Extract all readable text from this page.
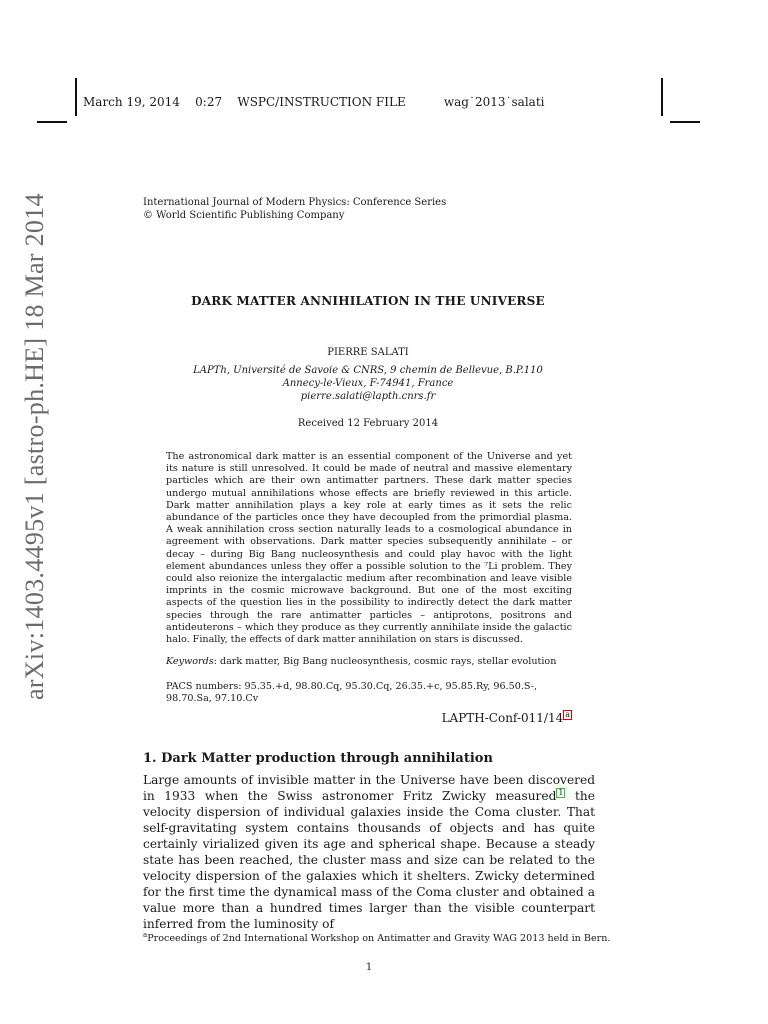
March 19, 2014 0:27 WSPC/INSTRUCTION FILE	wag˙2013˙salati
International Journal of Modern Physics: Conference Series
© World Scientific Publishing Company
arXiv:1403.4495v1 [astro-ph.HE] 18 Mar 2014	DARK MATTER ANNIHILATION IN THE UNIVERSE
PIERRE SALATI
LAPTh, Université de Savoie & CNRS, 9 chemin de Bellevue, B.P.110
Annecy-le-Vieux, F-74941, France
pierre.salati@lapth.cnrs.fr
Received 12 February 2014
The astronomical dark matter is an essential component of the Universe and yet its nature is still unresolved. It could be made of neutral and massive elementary particles which are their own antimatter partners. These dark matter species undergo mutual annihilations whose effects are briefly reviewed in this article. Dark matter annihilation plays a key role at early times as it sets the relic abundance of the particles once they have decoupled from the primordial plasma. A weak annihilation cross section naturally leads to a cosmological abundance in agreement with observations. Dark matter species subsequently annihilate – or decay – during Big Bang nucleosynthesis and could play havoc with the light element abundances unless they offer a possible solution to the ⁷Li problem. They could also reionize the intergalactic medium after recombination and leave visible imprints in the cosmic microwave background. But one of the most exciting aspects of the question lies in the possibility to indirectly detect the dark matter species through the rare antimatter particles – antiprotons, positrons and antideuterons – which they produce as they currently annihilate inside the galactic halo. Finally, the effects of dark matter annihilation on stars is discussed.
Keywords: dark matter, Big Bang nucleosynthesis, cosmic rays, stellar evolution
PACS numbers: 95.35.+d, 98.80.Cq, 95.30.Cq, 26.35.+c, 95.85.Ry, 96.50.S-, 98.70.Sa, 97.10.Cv
LAPTH-Conf-011/14 a
1. Dark Matter production through annihilation
Large amounts of invisible matter in the Universe have been discovered in 1933 when the Swiss astronomer Fritz Zwicky measured 1 the velocity dispersion of individual galaxies inside the Coma cluster. That self-gravitating system contains thousands of objects and has quite certainly virialized given its age and spherical shape. Because a steady state has been reached, the cluster mass and size can be related to the velocity dispersion of the galaxies which it shelters. Zwicky determined for the first time the dynamical mass of the Coma cluster and obtained a value more than a hundred times larger than the visible counterpart inferred from the luminosity of
$^a$Proceedings of 2nd International Workshop on Antimatter and Gravity WAG 2013 held in Bern.
1
